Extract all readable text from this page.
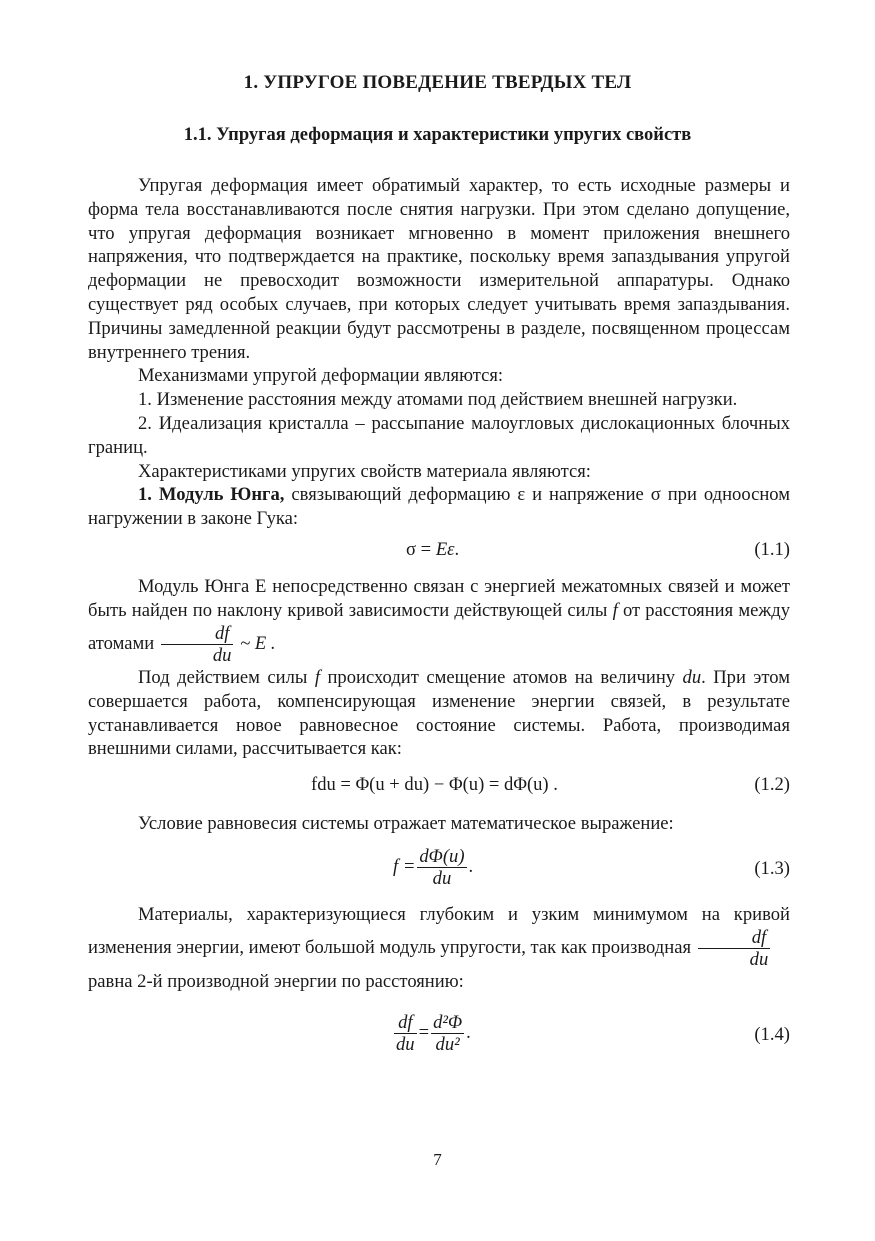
1. УПРУГОЕ ПОВЕДЕНИЕ ТВЕРДЫХ ТЕЛ
1.1. Упругая деформация и характеристики упругих свойств

Упругая деформация имеет обратимый характер, то есть исходные размеры и форма тела восстанавливаются после снятия нагрузки. При этом сделано допущение, что упругая деформация возникает мгновенно в момент приложения внешнего напряжения, что подтверждается на практике, поскольку время запаздывания упругой деформации не превосходит возможности измерительной аппаратуры. Однако существует ряд особых случаев, при которых следует учитывать время запаздывания. Причины замедленной реакции будут рассмотрены в разделе, посвященном процессам внутреннего трения.

Механизмами упругой деформации являются:

1. Изменение расстояния между атомами под действием внешней нагрузки.

2. Идеализация кристалла – рассыпание малоугловых дислокационных блочных границ.

Характеристиками упругих свойств материала являются:

1. Модуль Юнга, связывающий деформацию ε и напряжение σ при одноосном нагружении в законе Гука:

σ = Eε.	(1.1)

Модуль Юнга Е непосредственно связан с энергией межатомных связей и может быть найден по наклону кривой зависимости действующей силы f от расстояния между атомами $\frac{df}{du}$ ~ E .

Под действием силы f происходит смещение атомов на величину du. При этом совершается работа, компенсирующая изменение энергии связей, в результате устанавливается новое равновесное состояние системы. Работа, производимая внешними силами, рассчитывается как:

fdu = Φ(u + du) − Φ(u) = dΦ(u) .	(1.2)

Условие равновесия системы отражает математическое выражение:

$f = \frac{d\Phi(u)}{du}$ .	(1.3)

Материалы, характеризующиеся глубоким и узким минимумом на кривой изменения энергии, имеют большой модуль упругости, так как производная $\frac{df}{du}$

равна 2-й производной энергии по расстоянию:

$\frac{df}{du} = \frac{\text{d²Φ}}{\text{du²}}$ .	(1.4)
7
